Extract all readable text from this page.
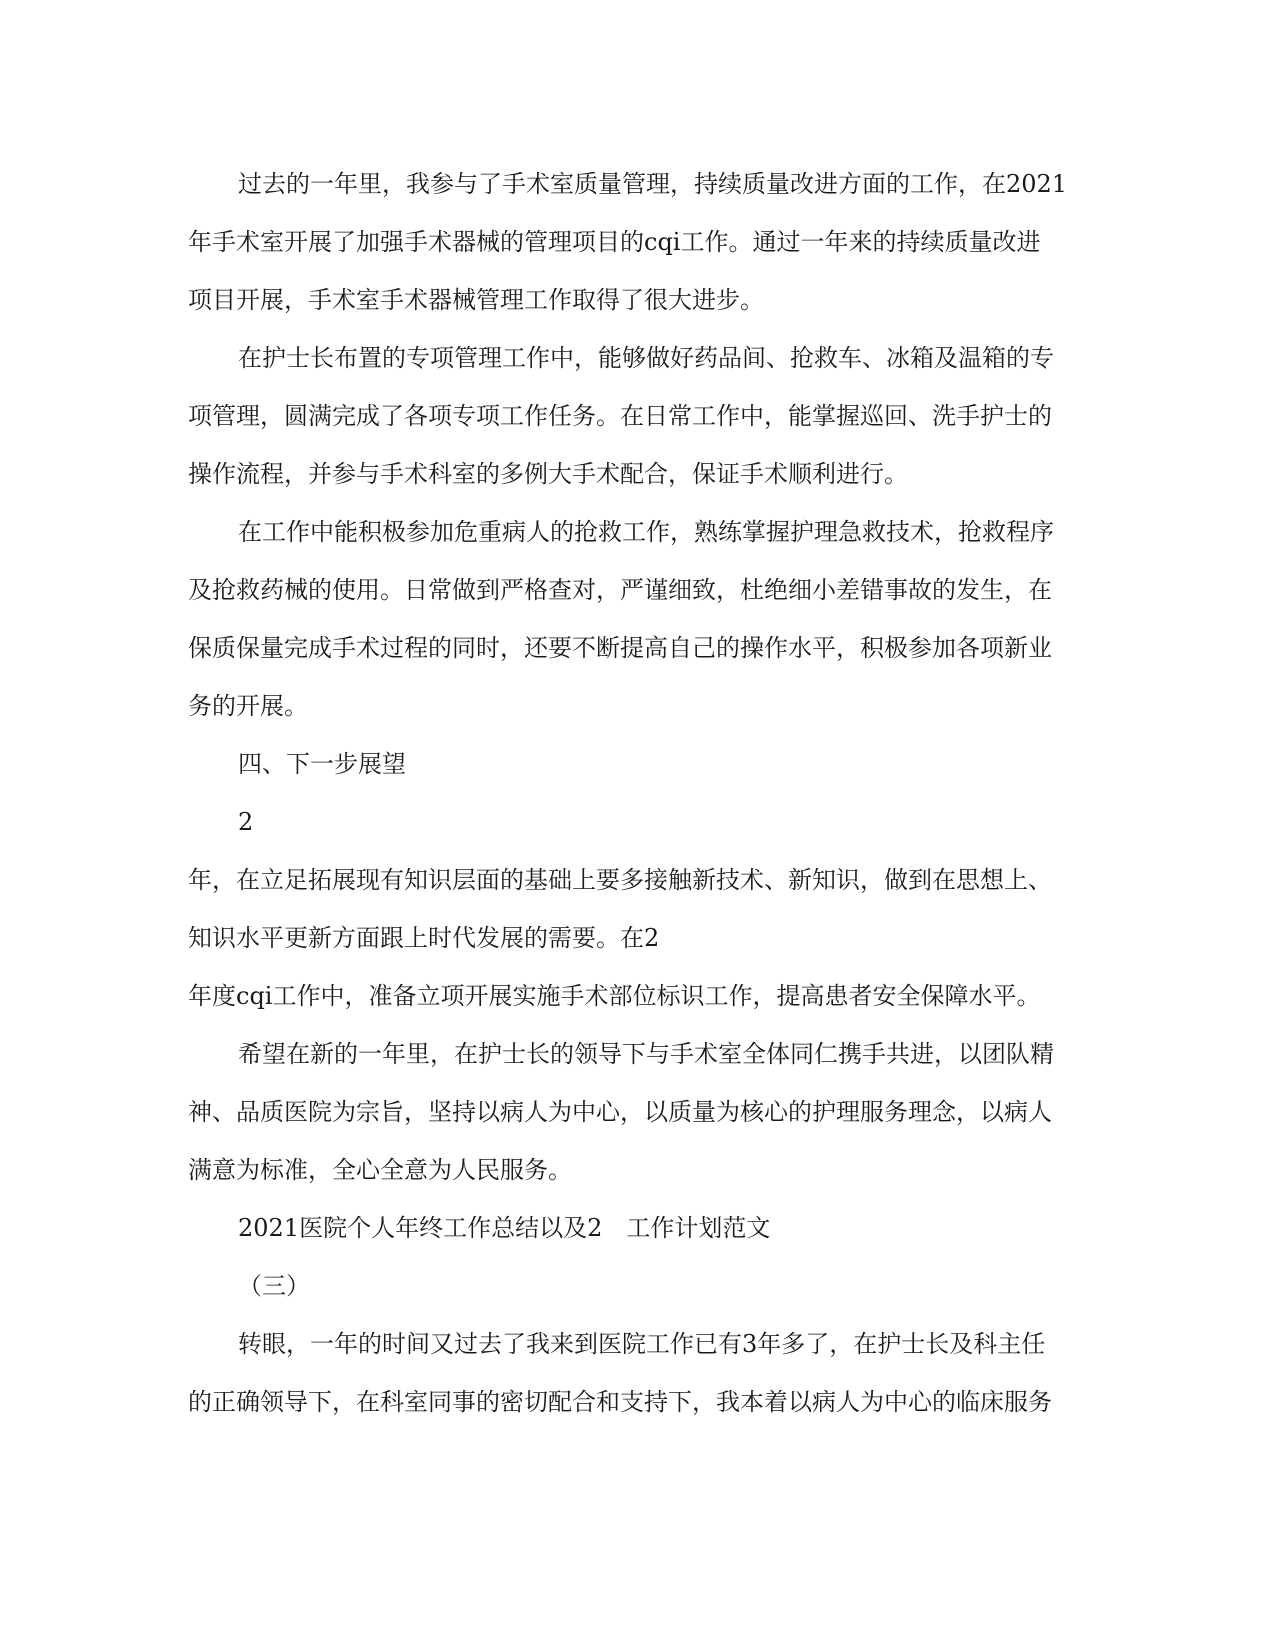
过去的一年里，我参与了手术室质量管理，持续质量改进方面的工作，在2021
年手术室开展了加强手术器械的管理项目的cqi工作。通过一年来的持续质量改进
项目开展，手术室手术器械管理工作取得了很大进步。
在护士长布置的专项管理工作中，能够做好药品间、抢救车、冰箱及温箱的专
项管理，圆满完成了各项专项工作任务。在日常工作中，能掌握巡回、洗手护士的
操作流程，并参与手术科室的多例大手术配合，保证手术顺利进行。
在工作中能积极参加危重病人的抢救工作，熟练掌握护理急救技术，抢救程序
及抢救药械的使用。日常做到严格查对，严谨细致，杜绝细小差错事故的发生，在
保质保量完成手术过程的同时，还要不断提高自己的操作水平，积极参加各项新业
务的开展。
四、下一步展望
2
年，在立足拓展现有知识层面的基础上要多接触新技术、新知识，做到在思想上、
知识水平更新方面跟上时代发展的需要。在2
年度cqi工作中，准备立项开展实施手术部位标识工作，提高患者安全保障水平。
希望在新的一年里，在护士长的领导下与手术室全体同仁携手共进，以团队精
神、品质医院为宗旨，坚持以病人为中心，以质量为核心的护理服务理念，以病人
满意为标准，全心全意为人民服务。
2021医院个人年终工作总结以及2　工作计划范文
（三）
转眼，一年的时间又过去了我来到医院工作已有3年多了，在护士长及科主任
的正确领导下，在科室同事的密切配合和支持下，我本着以病人为中心的临床服务
